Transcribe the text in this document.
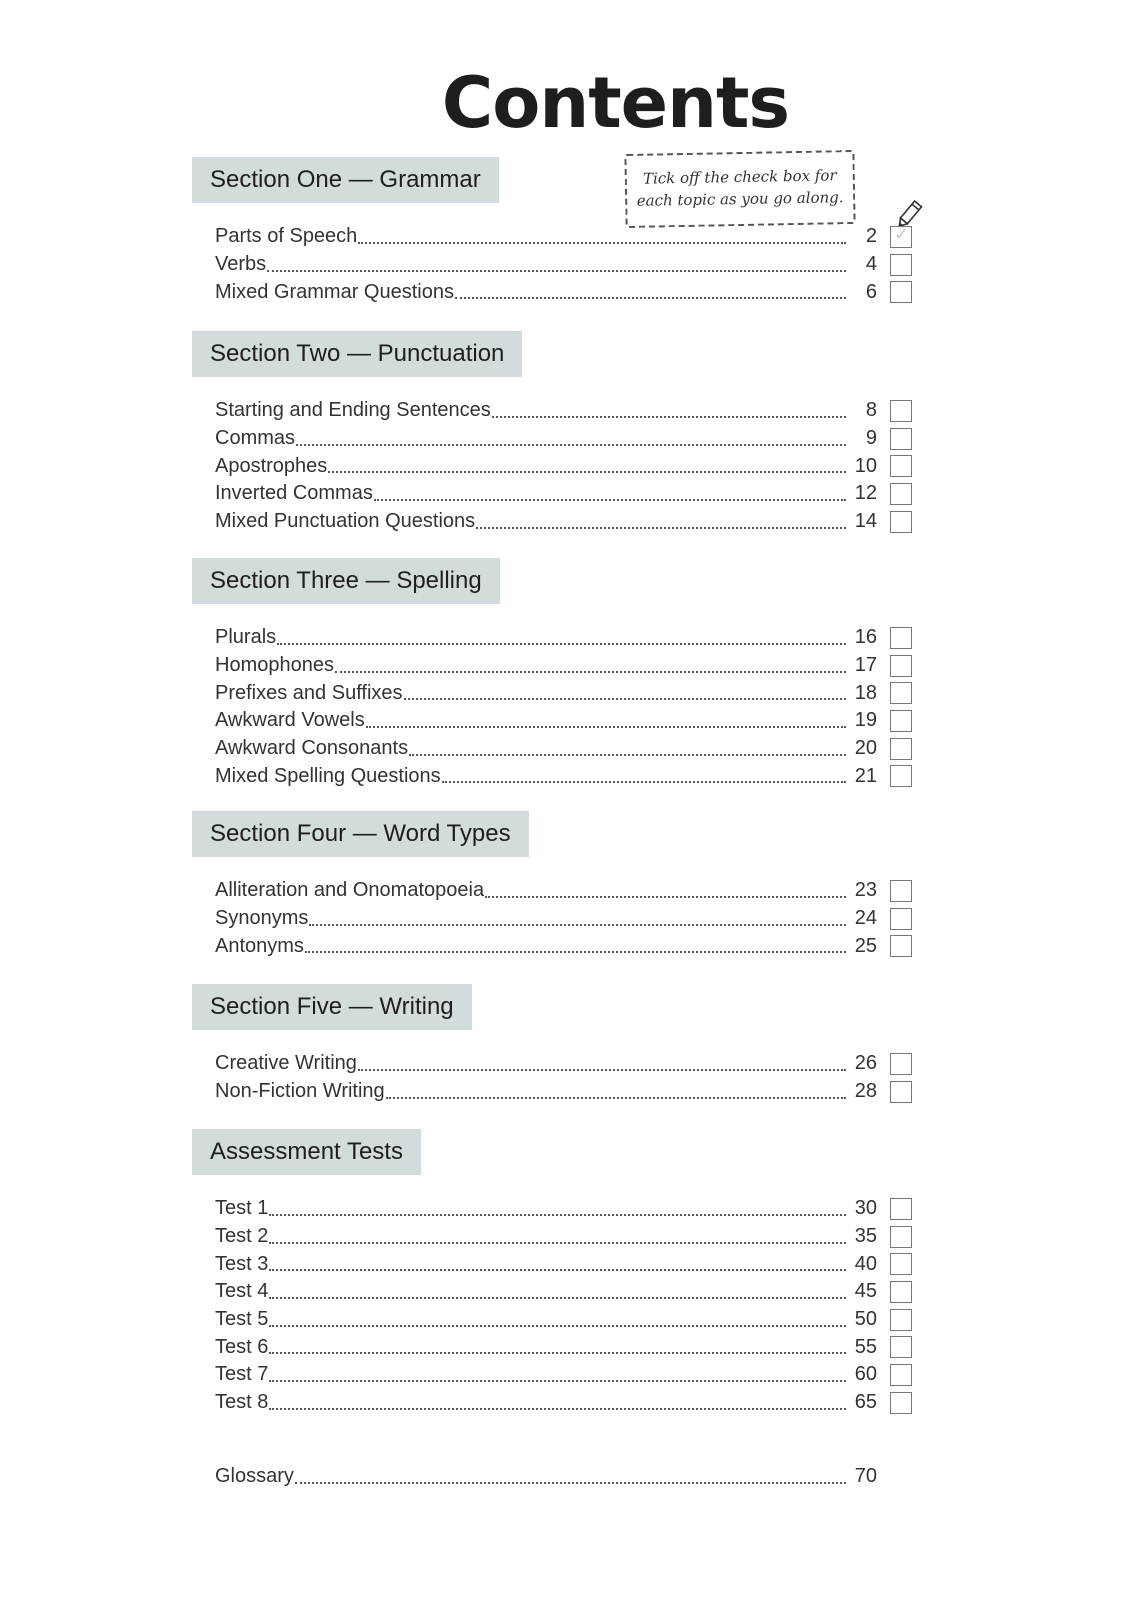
Contents
Tick off the check box for
each topic as you go along.
Section One — Grammar
Parts of Speech	2
✓
Verbs	4
Mixed Grammar Questions	6
Section Two — Punctuation
Starting and Ending Sentences	8
Commas	9
Apostrophes	10
Inverted Commas	12
Mixed Punctuation Questions	14
Section Three — Spelling
Plurals	16
Homophones	17
Prefixes and Suffixes	18
Awkward Vowels	19
Awkward Consonants	20
Mixed Spelling Questions	21
Section Four — Word Types
Alliteration and Onomatopoeia	23
Synonyms	24
Antonyms	25
Section Five — Writing
Creative Writing	26
Non-Fiction Writing	28
Assessment Tests
Test 1	30
Test 2	35
Test 3	40
Test 4	45
Test 5	50
Test 6	55
Test 7	60
Test 8	65
Glossary	70
